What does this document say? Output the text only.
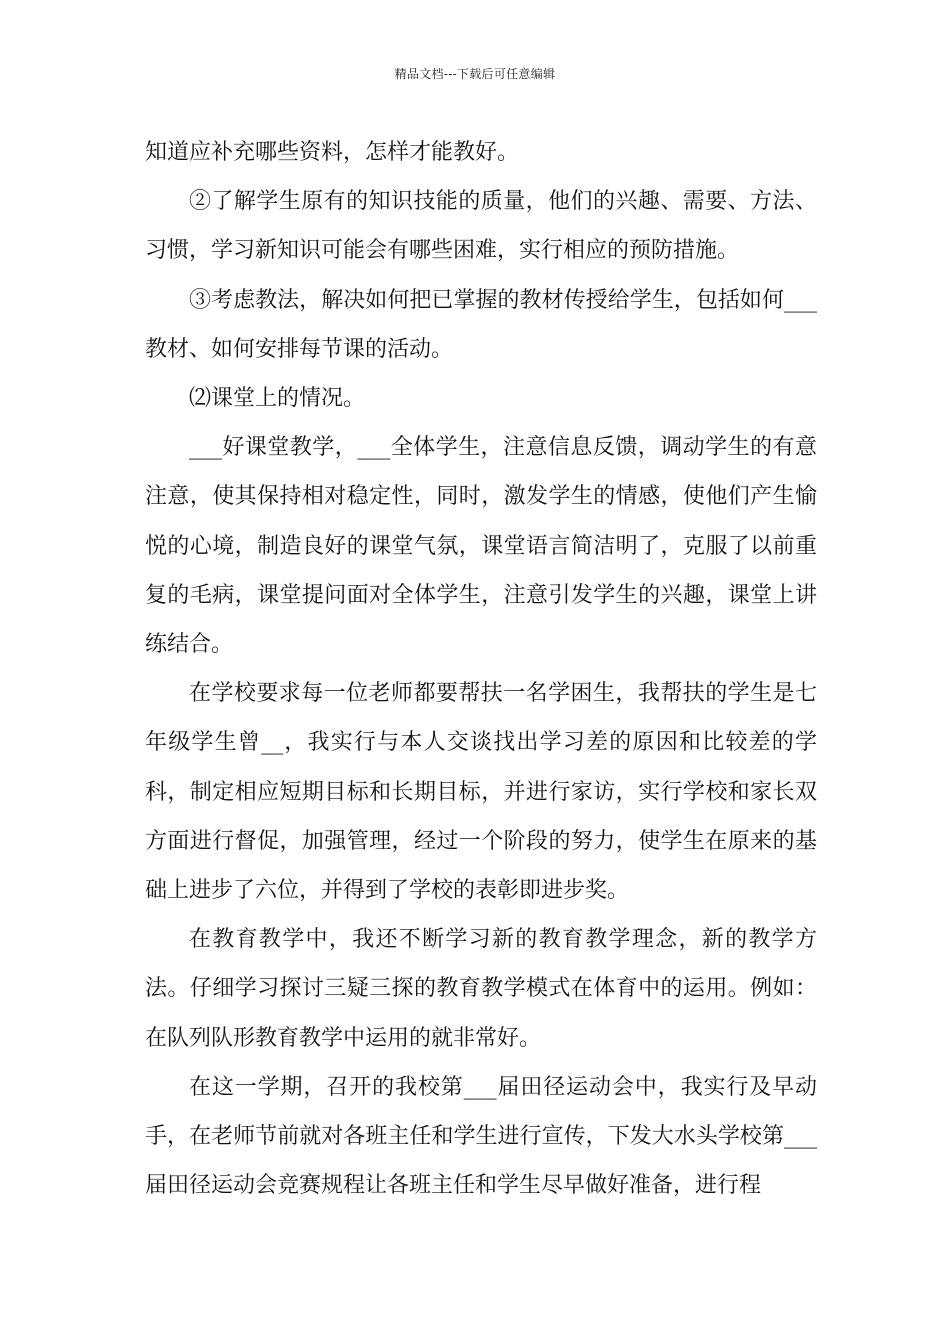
精品文档---下载后可任意编辑

知道应补充哪些资料，怎样才能教好。

②了解学生原有的知识技能的质量，他们的兴趣、需要、方法、习惯，学习新知识可能会有哪些困难，实行相应的预防措施。

③考虑教法，解决如何把已掌握的教材传授给学生，包括如何___教材、如何安排每节课的活动。

⑵课堂上的情况。

___好课堂教学，___全体学生，注意信息反馈，调动学生的有意注意，使其保持相对稳定性，同时，激发学生的情感，使他们产生愉悦的心境，制造良好的课堂气氛，课堂语言简洁明了，克服了以前重复的毛病，课堂提问面对全体学生，注意引发学生的兴趣，课堂上讲练结合。

在学校要求每一位老师都要帮扶一名学困生，我帮扶的学生是七年级学生曾__，我实行与本人交谈找出学习差的原因和比较差的学科，制定相应短期目标和长期目标，并进行家访，实行学校和家长双方面进行督促，加强管理，经过一个阶段的努力，使学生在原来的基础上进步了六位，并得到了学校的表彰即进步奖。

在教育教学中，我还不断学习新的教育教学理念，新的教学方法。仔细学习探讨三疑三探的教育教学模式在体育中的运用。例如：在队列队形教育教学中运用的就非常好。

在这一学期，召开的我校第___届田径运动会中，我实行及早动手，在老师节前就对各班主任和学生进行宣传，下发大水头学校第___届田径运动会竞赛规程让各班主任和学生尽早做好准备，进行程
